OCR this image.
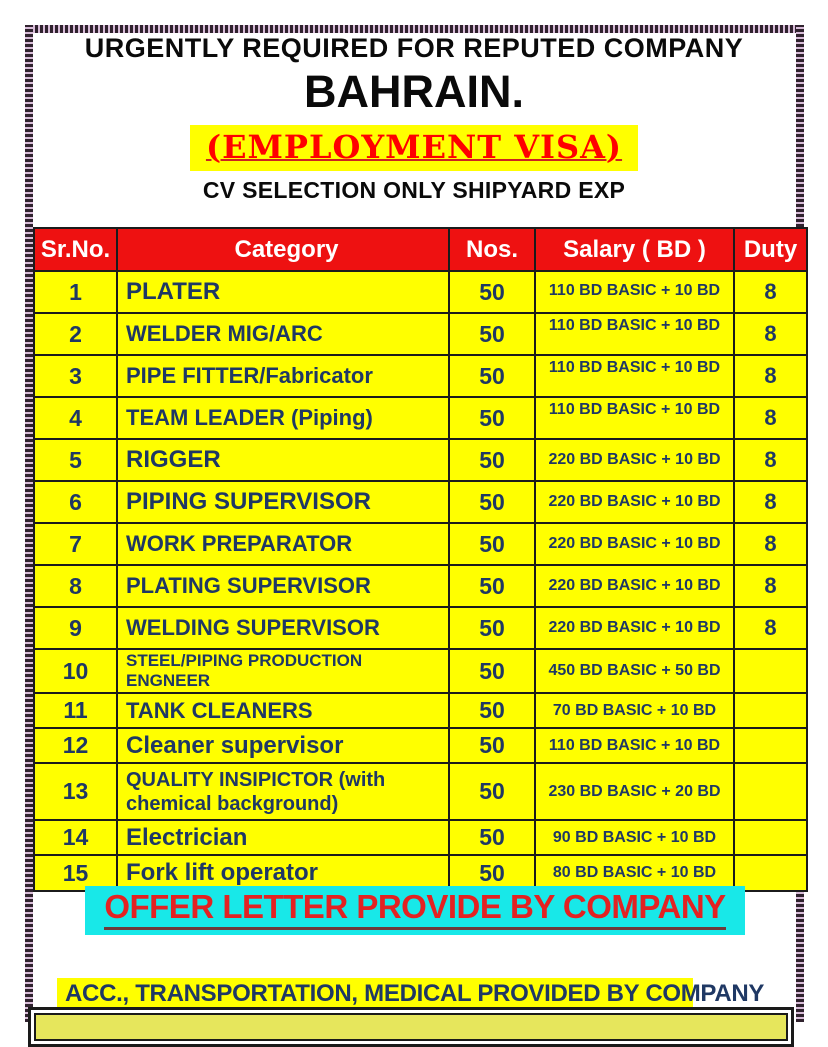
URGENTLY REQUIRED FOR REPUTED COMPANY
BAHRAIN.
(EMPLOYMENT VISA)
CV SELECTION ONLY SHIPYARD EXP
Sr.No.	Category	Nos.	Salary ( BD )	Duty
1	PLATER	50	110 BD BASIC + 10 BD	8
2	WELDER MIG/ARC	50	110 BD BASIC + 10 BD	8
3	PIPE FITTER/Fabricator	50	110 BD BASIC + 10 BD	8
4	TEAM LEADER (Piping)	50	110 BD BASIC + 10 BD	8
5	RIGGER	50	220 BD BASIC + 10 BD	8
6	PIPING SUPERVISOR	50	220 BD BASIC + 10 BD	8
7	WORK PREPARATOR	50	220 BD BASIC + 10 BD	8
8	PLATING SUPERVISOR	50	220 BD BASIC + 10 BD	8
9	WELDING SUPERVISOR	50	220 BD BASIC + 10 BD	8
10	STEEL/PIPING PRODUCTION ENGNEER	50	450 BD BASIC + 50 BD	
11	TANK CLEANERS	50	70 BD BASIC + 10 BD	
12	Cleaner supervisor	50	110 BD BASIC + 10 BD	
13	QUALITY INSIPICTOR (with chemical background)	50	230 BD BASIC + 20 BD	
14	Electrician	50	90 BD BASIC + 10 BD	
15	Fork lift operator	50	80 BD BASIC + 10 BD	
OFFER LETTER PROVIDE BY COMPANY
ACC., TRANSPORTATION, MEDICAL PROVIDED BY COMPANY
